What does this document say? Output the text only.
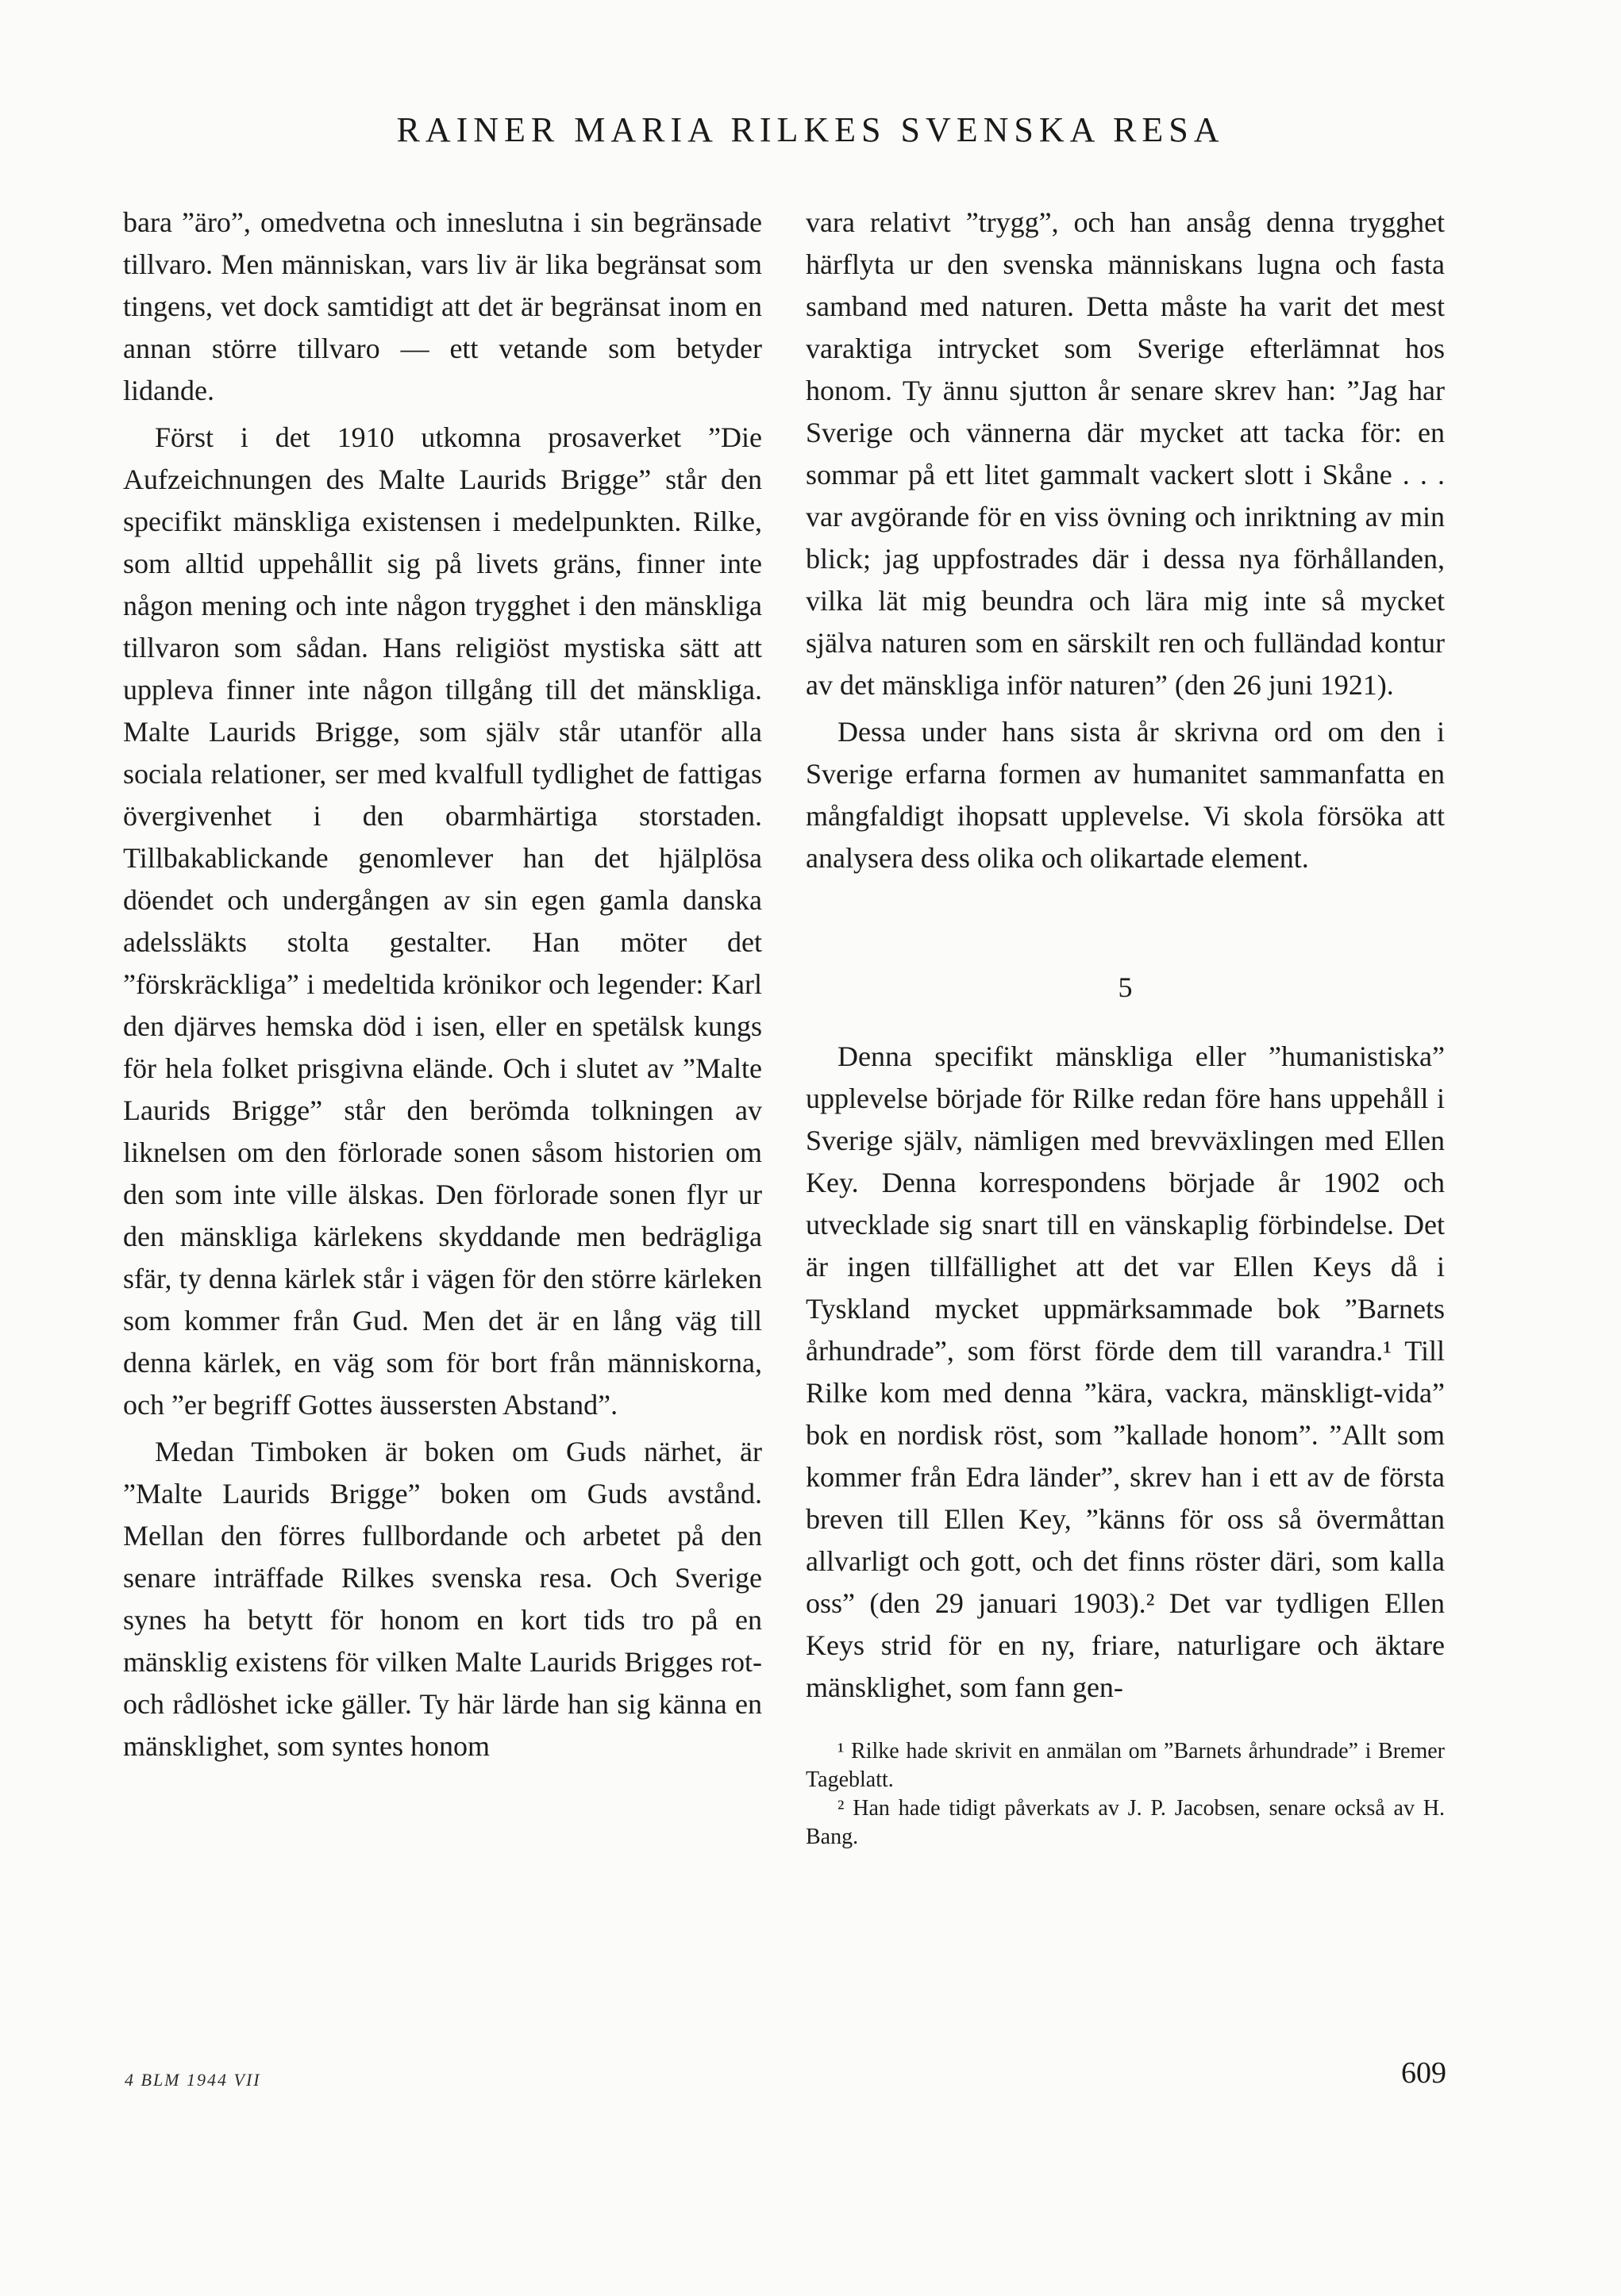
RAINER MARIA RILKES SVENSKA RESA

bara ”äro”, omedvetna och inneslutna i sin begränsade tillvaro. Men människan, vars liv är lika begränsat som tingens, vet dock samtidigt att det är begränsat inom en annan större tillvaro — ett vetande som betyder lidande.

Först i det 1910 utkomna prosaverket ”Die Aufzeichnungen des Malte Laurids Brigge” står den specifikt mänskliga existensen i medelpunkten. Rilke, som alltid uppehållit sig på livets gräns, finner inte någon mening och inte någon trygghet i den mänskliga tillvaron som sådan. Hans religiöst mystiska sätt att uppleva finner inte någon tillgång till det mänskliga. Malte Laurids Brigge, som själv står utanför alla sociala relationer, ser med kvalfull tydlighet de fattigas övergivenhet i den obarmhärtiga storstaden. Tillbakablickande genomlever han det hjälplösa döendet och undergången av sin egen gamla danska adelssläkts stolta gestalter. Han möter det ”förskräckliga” i medeltida krönikor och legender: Karl den djärves hemska död i isen, eller en spetälsk kungs för hela folket prisgivna elände. Och i slutet av ”Malte Laurids Brigge” står den berömda tolkningen av liknelsen om den förlorade sonen såsom historien om den som inte ville älskas. Den förlorade sonen flyr ur den mänskliga kärlekens skyddande men bedrägliga sfär, ty denna kärlek står i vägen för den större kärleken som kommer från Gud. Men det är en lång väg till denna kärlek, en väg som för bort från människorna, och ”er begriff Gottes äussersten Abstand”.

Medan Timboken är boken om Guds närhet, är ”Malte Laurids Brigge” boken om Guds avstånd. Mellan den förres fullbordande och arbetet på den senare inträffade Rilkes svenska resa. Och Sverige synes ha betytt för honom en kort tids tro på en mänsklig existens för vilken Malte Laurids Brigges rot- och rådlöshet icke gäller. Ty här lärde han sig känna en mänsklighet, som syntes honom

vara relativt ”trygg”, och han ansåg denna trygghet härflyta ur den svenska människans lugna och fasta samband med naturen. Detta måste ha varit det mest varaktiga intrycket som Sverige efterlämnat hos honom. Ty ännu sjutton år senare skrev han: ”Jag har Sverige och vännerna där mycket att tacka för: en sommar på ett litet gammalt vackert slott i Skåne . . . var avgörande för en viss övning och inriktning av min blick; jag uppfostrades där i dessa nya förhållanden, vilka lät mig beundra och lära mig inte så mycket själva naturen som en särskilt ren och fulländad kontur av det mänskliga inför naturen” (den 26 juni 1921).

Dessa under hans sista år skrivna ord om den i Sverige erfarna formen av humanitet sammanfatta en mångfaldigt ihopsatt upplevelse. Vi skola försöka att analysera dess olika och olikartade element.

5

Denna specifikt mänskliga eller ”humanistiska” upplevelse började för Rilke redan före hans uppehåll i Sverige själv, nämligen med brevväxlingen med Ellen Key. Denna korrespondens började år 1902 och utvecklade sig snart till en vänskaplig förbindelse. Det är ingen tillfällighet att det var Ellen Keys då i Tyskland mycket uppmärksammade bok ”Barnets århundrade”, som först förde dem till varandra.¹ Till Rilke kom med denna ”kära, vackra, mänskligt-vida” bok en nordisk röst, som ”kallade honom”. ”Allt som kommer från Edra länder”, skrev han i ett av de första breven till Ellen Key, ”känns för oss så övermåttan allvarligt och gott, och det finns röster däri, som kalla oss” (den 29 januari 1903).² Det var tydligen Ellen Keys strid för en ny, friare, naturligare och äktare mänsklighet, som fann gen-

¹ Rilke hade skrivit en anmälan om ”Barnets århundrade” i Bremer Tageblatt.

² Han hade tidigt påverkats av J. P. Jacobsen, senare också av H. Bang.

4 BLM 1944 VII	609
